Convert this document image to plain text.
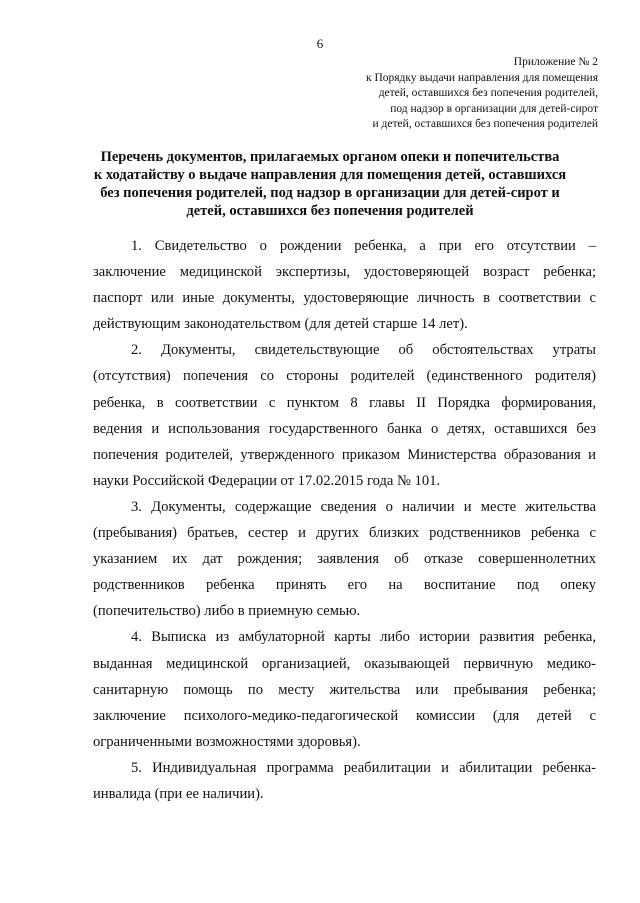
6
Приложение № 2
к Порядку выдачи направления для помещения
детей, оставшихся без попечения родителей,
под надзор в организации для детей-сирот
и детей, оставшихся без попечения родителей
Перечень документов, прилагаемых органом опеки и попечительства
к ходатайству о выдаче направления для помещения детей, оставшихся
без попечения родителей, под надзор в организации для детей-сирот и
детей, оставшихся без попечения родителей
1. Свидетельство о рождении ребенка, а при его отсутствии –
заключение медицинской экспертизы, удостоверяющей возраст ребенка;
паспорт или иные документы, удостоверяющие личность в соответствии с
действующим законодательством (для детей старше 14 лет).
2. Документы, свидетельствующие об обстоятельствах утраты
(отсутствия) попечения со стороны родителей (единственного родителя)
ребенка, в соответствии с пунктом 8 главы II Порядка формирования,
ведения и использования государственного банка о детях, оставшихся без
попечения родителей, утвержденного приказом Министерства образования и
науки Российской Федерации от 17.02.2015 года № 101.
3. Документы, содержащие сведения о наличии и месте жительства
(пребывания) братьев, сестер и других близких родственников ребенка с
указанием их дат рождения; заявления об отказе совершеннолетних
родственников ребенка принять его на воспитание под опеку
(попечительство) либо в приемную семью.
4. Выписка из амбулаторной карты либо истории развития ребенка,
выданная медицинской организацией, оказывающей первичную медико-
санитарную помощь по месту жительства или пребывания ребенка;
заключение психолого-медико-педагогической комиссии (для детей с
ограниченными возможностями здоровья).
5. Индивидуальная программа реабилитации и абилитации ребенка-
инвалида (при ее наличии).
